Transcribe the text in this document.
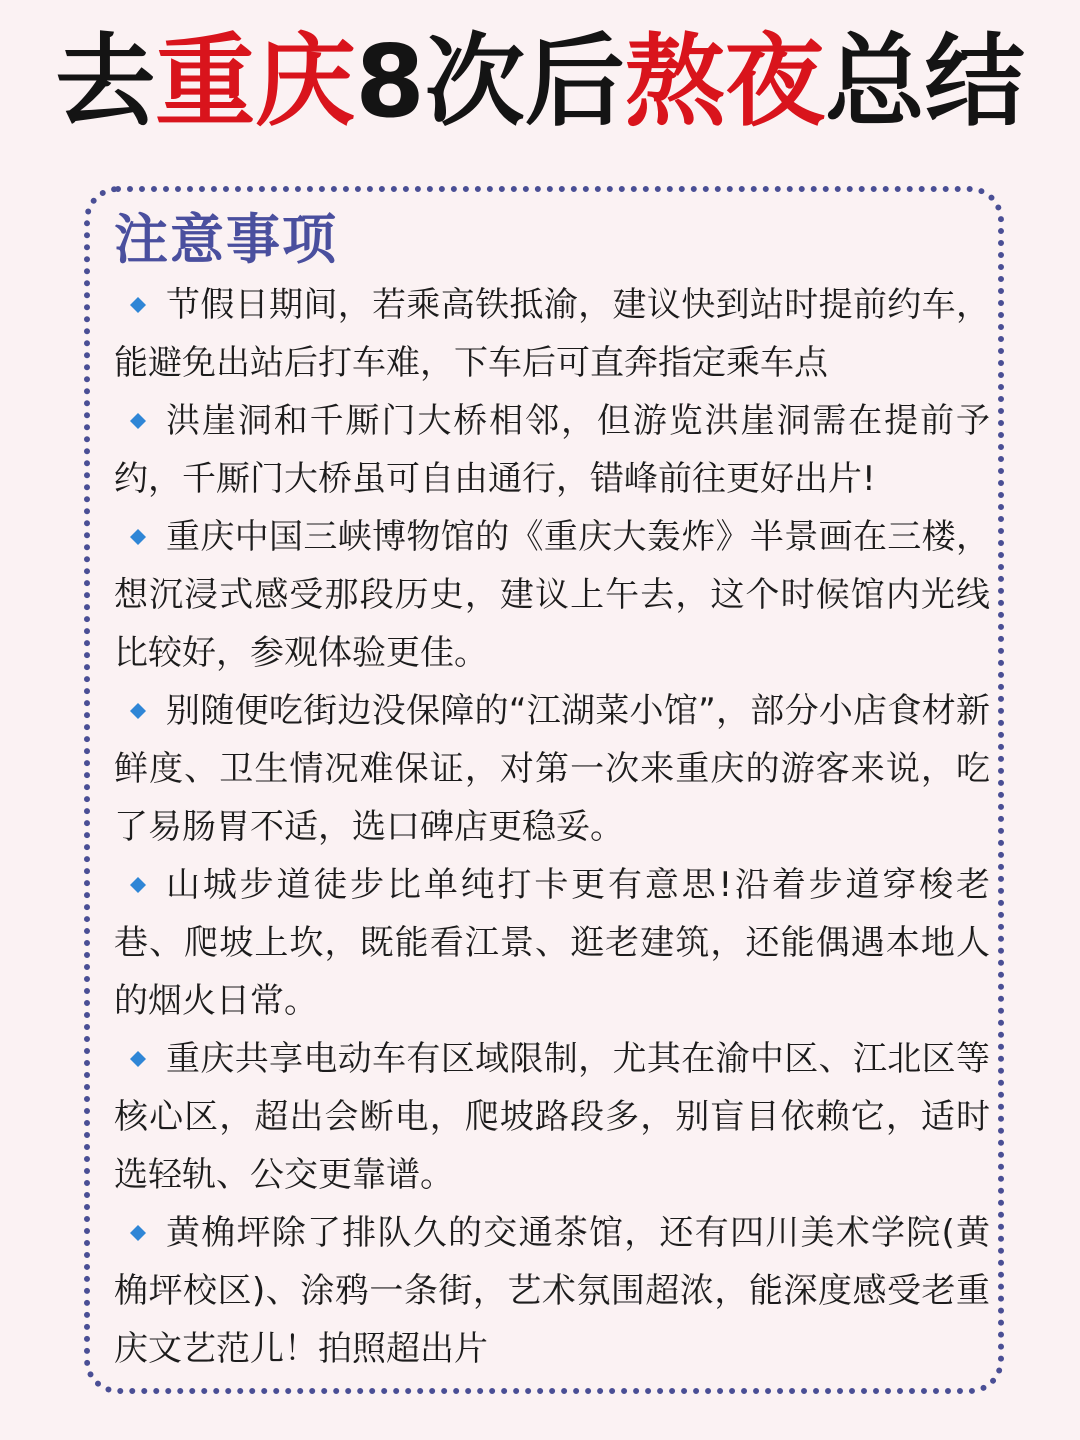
去重庆8次后熬夜总结
注意事项
节假日期间，若乘高铁抵渝，建议快到站时提前约车，能避免出站后打车难，下车后可直奔指定乘车点
洪崖洞和千厮门大桥相邻，但游览洪崖洞需在提前予约，千厮门大桥虽可自由通行，错峰前往更好出片!
重庆中国三峡博物馆的《重庆大轰炸》半景画在三楼，想沉浸式感受那段历史，建议上午去，这个时候馆内光线比较好，参观体验更佳。
别随便吃街边没保障的“江湖菜小馆”，部分小店食材新鲜度、卫生情况难保证，对第一次来重庆的游客来说，吃了易肠胃不适，选口碑店更稳妥。
山城步道徒步比单纯打卡更有意思!沿着步道穿梭老巷、爬坡上坎，既能看江景、逛老建筑，还能偶遇本地人的烟火日常。
重庆共享电动车有区域限制，尤其在渝中区、江北区等核心区，超出会断电，爬坡路段多，别盲目依赖它，适时选轻轨、公交更靠谱。
黄桷坪除了排队久的交通茶馆，还有四川美术学院(黄桷坪校区)、涂鸦一条街，艺术氛围超浓，能深度感受老重庆文艺范儿！拍照超出片
